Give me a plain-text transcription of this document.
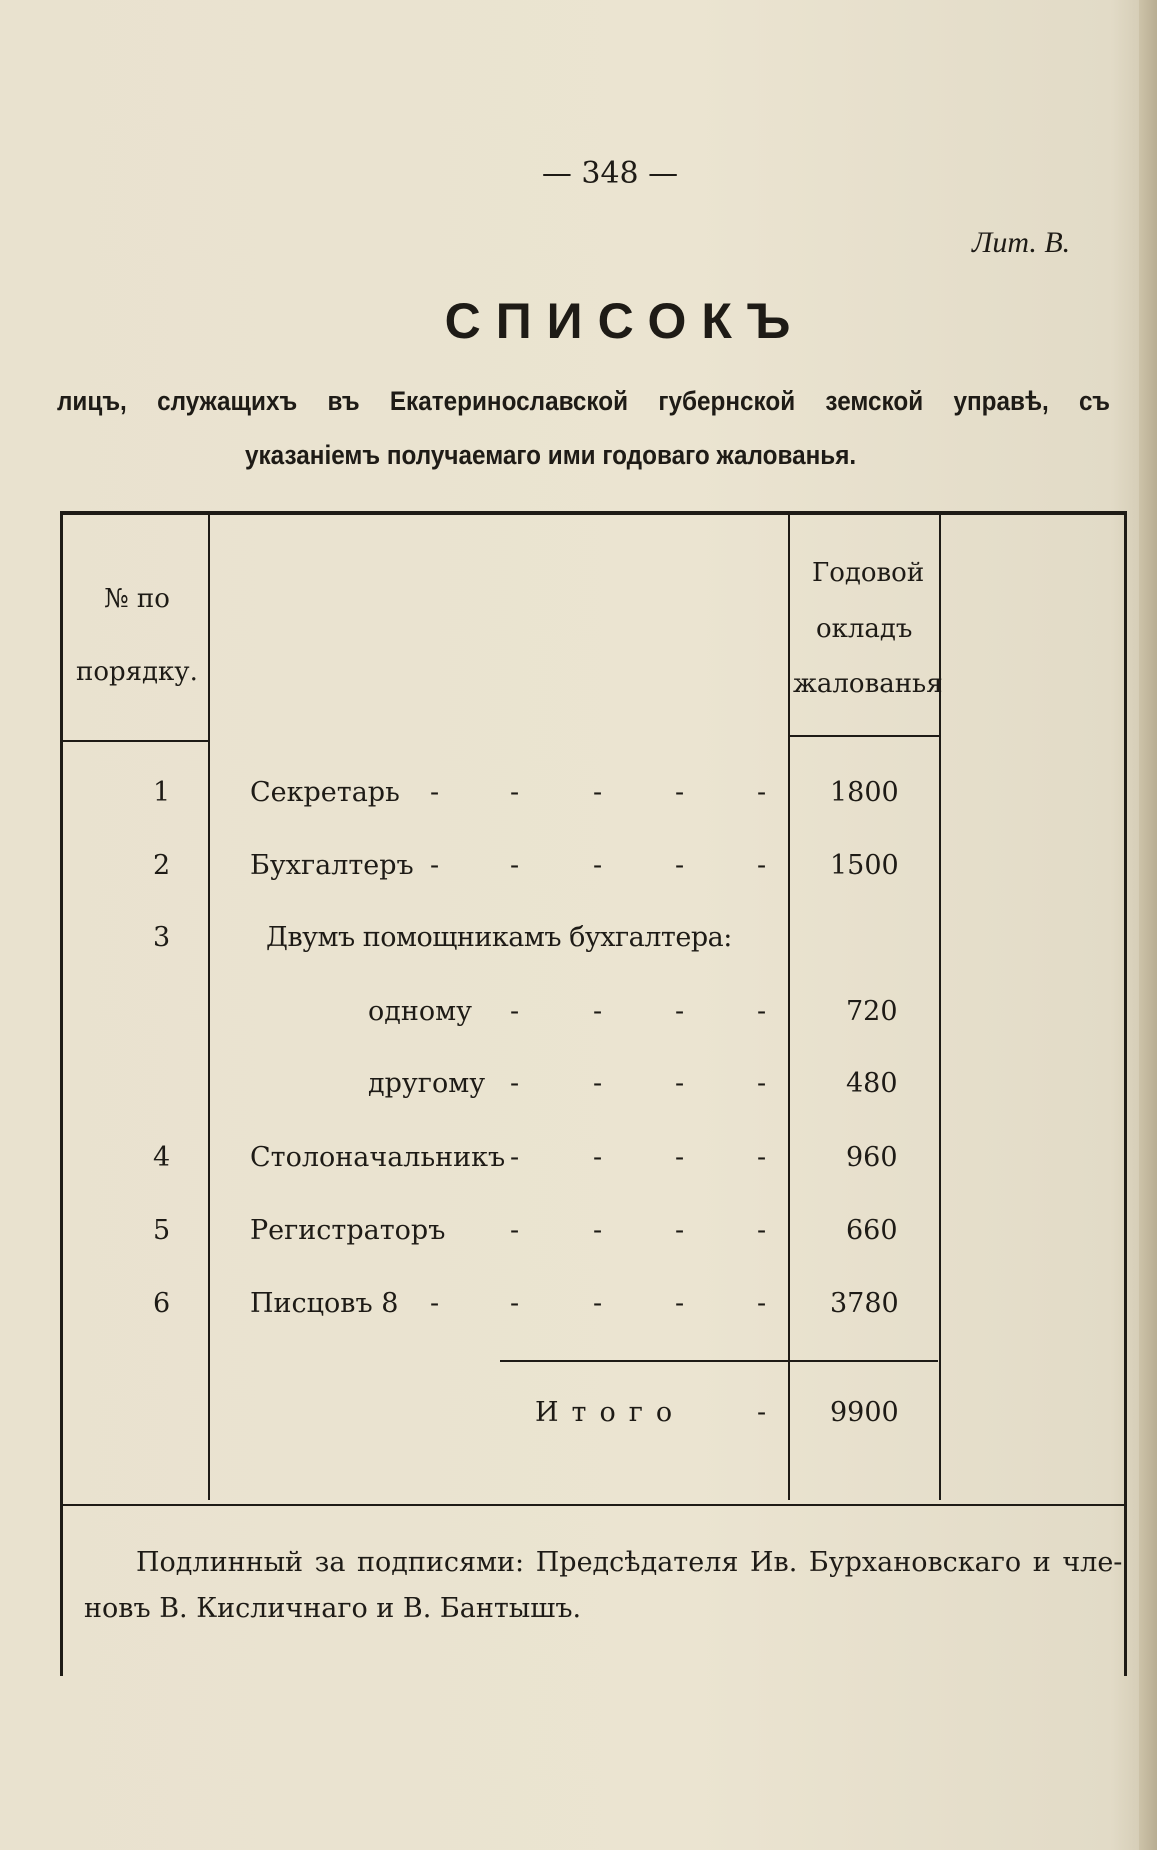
— 348 —
Лит. В.
СПИСОКЪ
лицъ, служащихъ въ Екатеринославской губернской земской управѣ, съ
указаніемъ получаемаго ими годоваго жалованья.
№ по
порядку.
Годовой
окладъ
жалованья
1	Секретарь -	-	-	-	- 1800
2	Бухгалтеръ -	-	-	-	- 1500
3	Двумъ помощникамъ бухгалтера:
одному -	-	-	-	720
другому -	-	-	-	480
4	Столоначальникъ -	-	-	-	960
5	Регистраторъ -	-	-	-	660
6	Писцовъ 8 -	-	-	-	- 3780
Итого	- 9900
Подлинный за подписями: Предсѣдателя Ив. Бурхановскаго и чле-
новъ В. Кисличнаго и В. Бантышъ.
